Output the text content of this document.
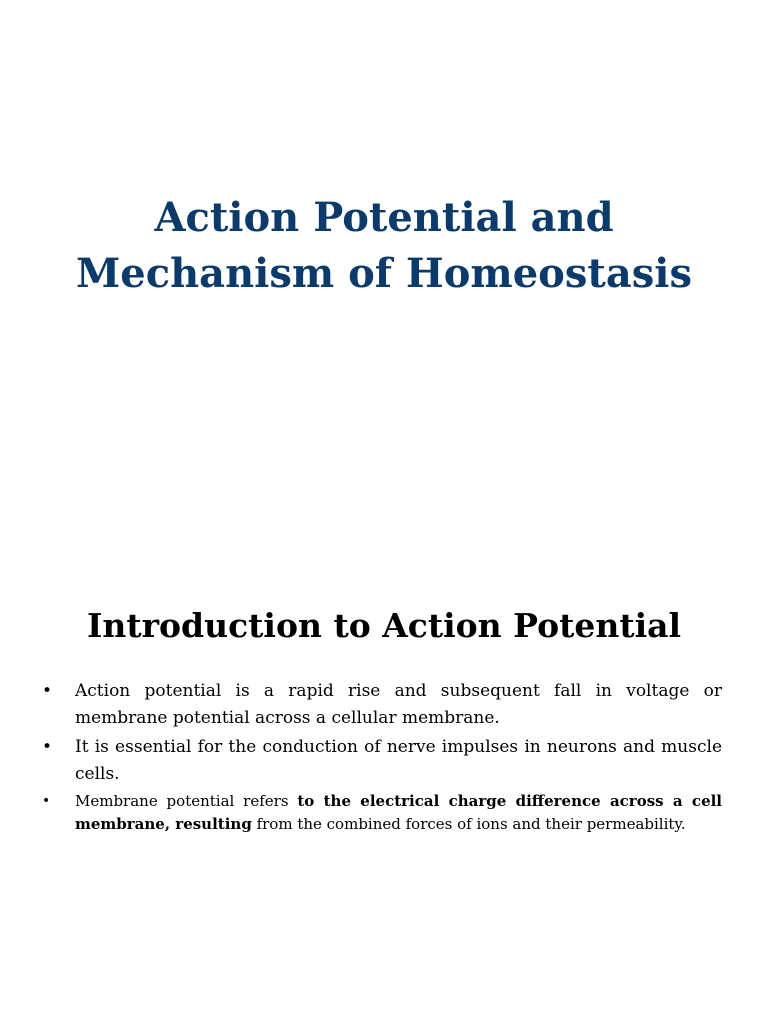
Action Potential and
Mechanism of Homeostasis
Introduction to Action Potential
• Action potential is a rapid rise and subsequent fall in voltage or membrane potential across a cellular membrane.
• It is essential for the conduction of nerve impulses in neurons and muscle cells.
• Membrane potential refers to the electrical charge difference across a cell membrane, resulting from the combined forces of ions and their permeability.
